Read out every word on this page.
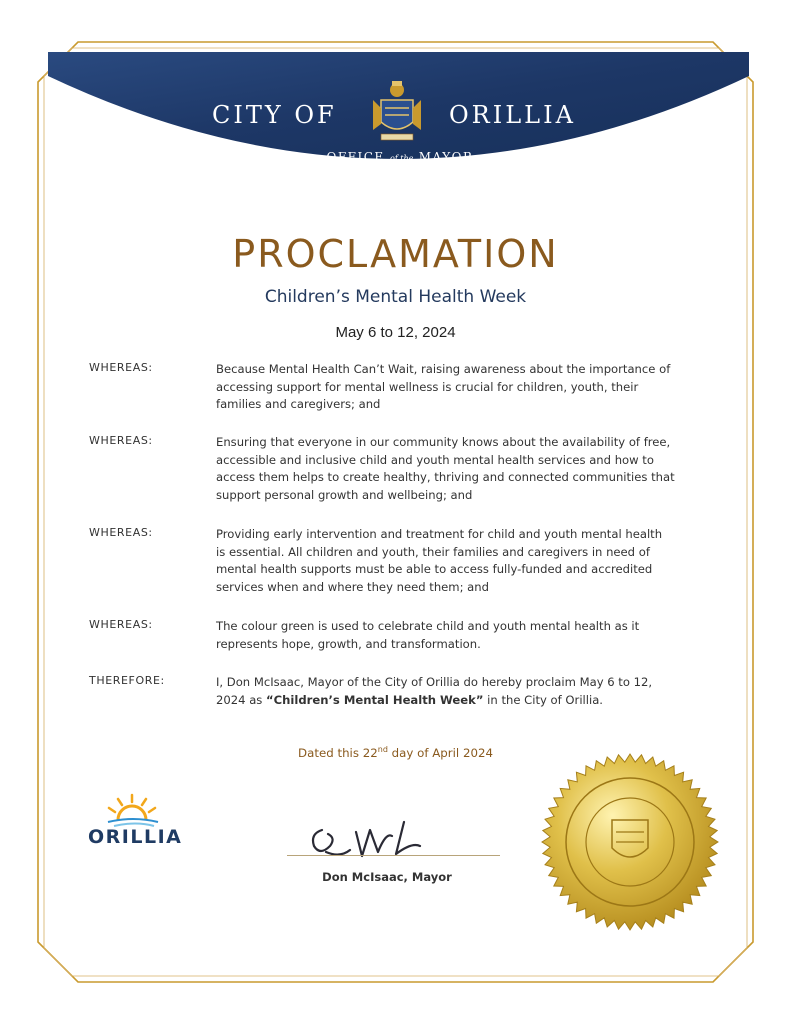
CITY OF	ORILLIA
OFFICE of the MAYOR
PROCLAMATION
Children’s Mental Health Week
May 6 to 12, 2024
WHEREAS:	Because Mental Health Can’t Wait, raising awareness about the importance of
accessing support for mental wellness is crucial for children, youth, their
families and caregivers; and
WHEREAS:	Ensuring that everyone in our community knows about the availability of free,
accessible and inclusive child and youth mental health services and how to
access them helps to create healthy, thriving and connected communities that
support personal growth and wellbeing; and
WHEREAS:	Providing early intervention and treatment for child and youth mental health
is essential. All children and youth, their families and caregivers in need of
mental health supports must be able to access fully-funded and accredited
services when and where they need them; and
WHEREAS:	The colour green is used to celebrate child and youth mental health as it
represents hope, growth, and transformation.
THEREFORE:	I, Don McIsaac, Mayor of the City of Orillia do hereby proclaim May 6 to 12,
2024 as “Children’s Mental Health Week” in the City of Orillia.
Dated this 22nd day of April 2024
ORILLIA
Don McIsaac, Mayor
